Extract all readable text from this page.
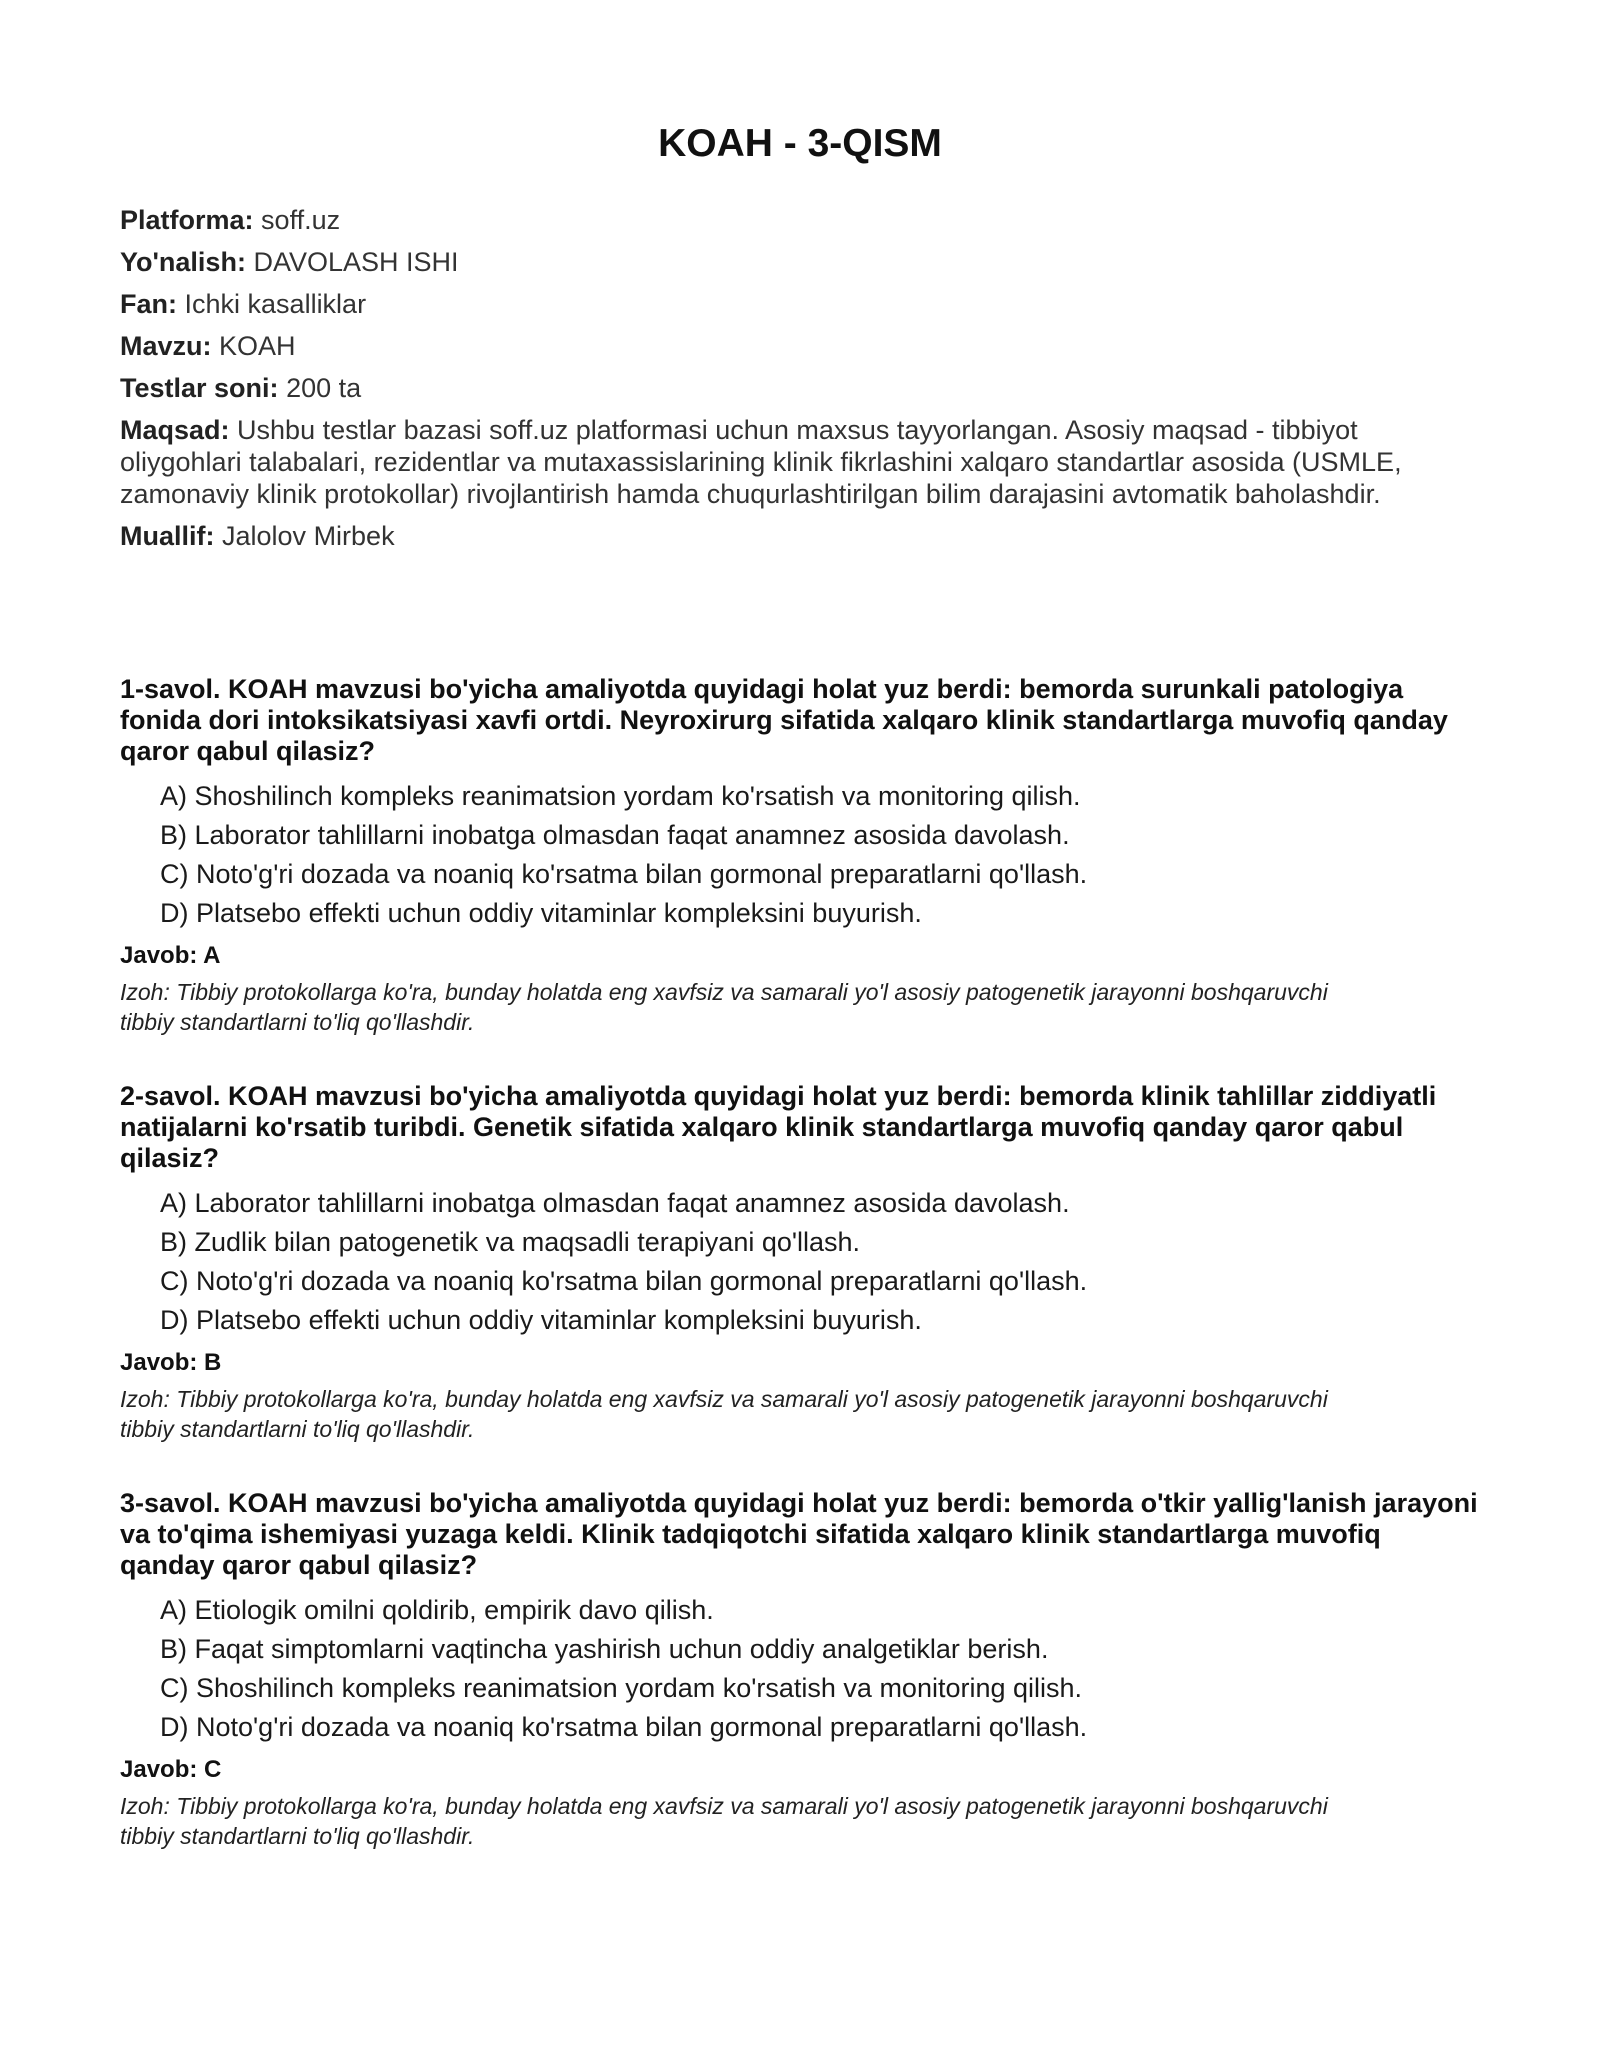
KOAH - 3-QISM

Platforma: soff.uz

Yo'nalish: DAVOLASH ISHI

Fan: Ichki kasalliklar

Mavzu: KOAH

Testlar soni: 200 ta

Maqsad: Ushbu testlar bazasi soff.uz platformasi uchun maxsus tayyorlangan. Asosiy maqsad - tibbiyot oliygohlari talabalari, rezidentlar va mutaxassislarining klinik fikrlashini xalqaro standartlar asosida (USMLE, zamonaviy klinik protokollar) rivojlantirish hamda chuqurlashtirilgan bilim darajasini avtomatik baholashdir.

Muallif: Jalolov Mirbek

1-savol. KOAH mavzusi bo'yicha amaliyotda quyidagi holat yuz berdi: bemorda surunkali patologiya fonida dori intoksikatsiyasi xavfi ortdi. Neyroxirurg sifatida xalqaro klinik standartlarga muvofiq qanday qaror qabul qilasiz?

A) Shoshilinch kompleks reanimatsion yordam ko'rsatish va monitoring qilish.
B) Laborator tahlillarni inobatga olmasdan faqat anamnez asosida davolash.
C) Noto'g'ri dozada va noaniq ko'rsatma bilan gormonal preparatlarni qo'llash.
D) Platsebo effekti uchun oddiy vitaminlar kompleksini buyurish.

Javob: A

Izoh: Tibbiy protokollarga ko'ra, bunday holatda eng xavfsiz va samarali yo'l asosiy patogenetik jarayonni boshqaruvchi tibbiy standartlarni to'liq qo'llashdir.

2-savol. KOAH mavzusi bo'yicha amaliyotda quyidagi holat yuz berdi: bemorda klinik tahlillar ziddiyatli natijalarni ko'rsatib turibdi. Genetik sifatida xalqaro klinik standartlarga muvofiq qanday qaror qabul qilasiz?

A) Laborator tahlillarni inobatga olmasdan faqat anamnez asosida davolash.
B) Zudlik bilan patogenetik va maqsadli terapiyani qo'llash.
C) Noto'g'ri dozada va noaniq ko'rsatma bilan gormonal preparatlarni qo'llash.
D) Platsebo effekti uchun oddiy vitaminlar kompleksini buyurish.

Javob: B

Izoh: Tibbiy protokollarga ko'ra, bunday holatda eng xavfsiz va samarali yo'l asosiy patogenetik jarayonni boshqaruvchi tibbiy standartlarni to'liq qo'llashdir.

3-savol. KOAH mavzusi bo'yicha amaliyotda quyidagi holat yuz berdi: bemorda o'tkir yallig'lanish jarayoni va to'qima ishemiyasi yuzaga keldi. Klinik tadqiqotchi sifatida xalqaro klinik standartlarga muvofiq qanday qaror qabul qilasiz?

A) Etiologik omilni qoldirib, empirik davo qilish.
B) Faqat simptomlarni vaqtincha yashirish uchun oddiy analgetiklar berish.
C) Shoshilinch kompleks reanimatsion yordam ko'rsatish va monitoring qilish.
D) Noto'g'ri dozada va noaniq ko'rsatma bilan gormonal preparatlarni qo'llash.

Javob: C

Izoh: Tibbiy protokollarga ko'ra, bunday holatda eng xavfsiz va samarali yo'l asosiy patogenetik jarayonni boshqaruvchi tibbiy standartlarni to'liq qo'llashdir.
